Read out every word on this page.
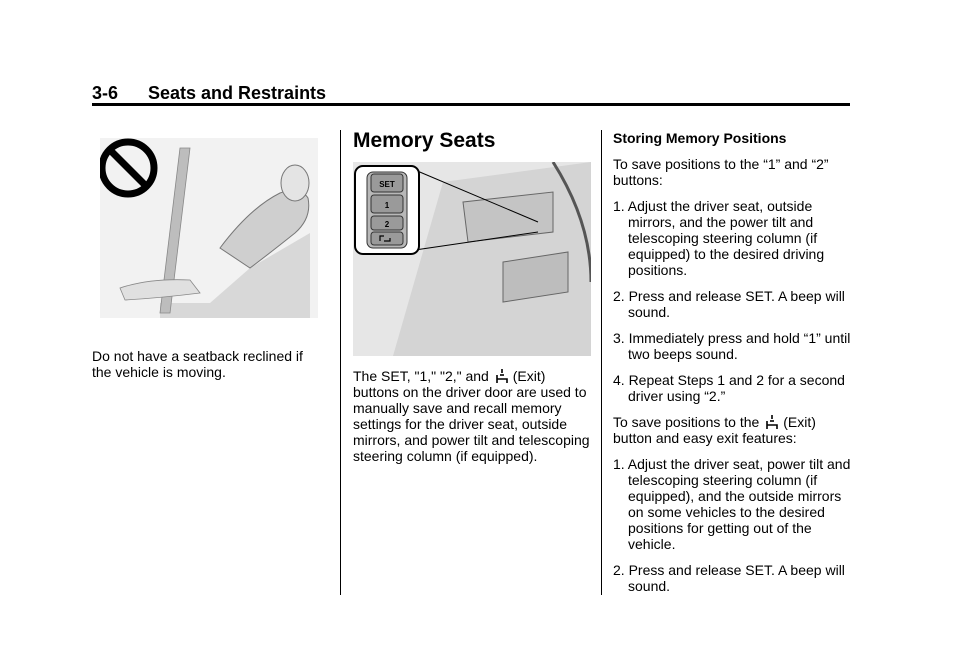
3-6 Seats and Restraints

Do not have a seatback reclined if the vehicle is moving.

Memory Seats

SET
1
2

The SET, "1," "2," and (Exit) buttons on the driver door are used to manually save and recall memory settings for the driver seat, outside mirrors, and power tilt and telescoping steering column (if equipped).

Storing Memory Positions

To save positions to the “1” and “2” buttons:

1. Adjust the driver seat, outside mirrors, and the power tilt and telescoping steering column (if equipped) to the desired driving positions.

2. Press and release SET. A beep will sound.

3. Immediately press and hold “1” until two beeps sound.

4. Repeat Steps 1 and 2 for a second driver using “2.”

To save positions to the (Exit) button and easy exit features:

1. Adjust the driver seat, power tilt and telescoping steering column (if equipped), and the outside mirrors on some vehicles to the desired positions for getting out of the vehicle.

2. Press and release SET. A beep will sound.
